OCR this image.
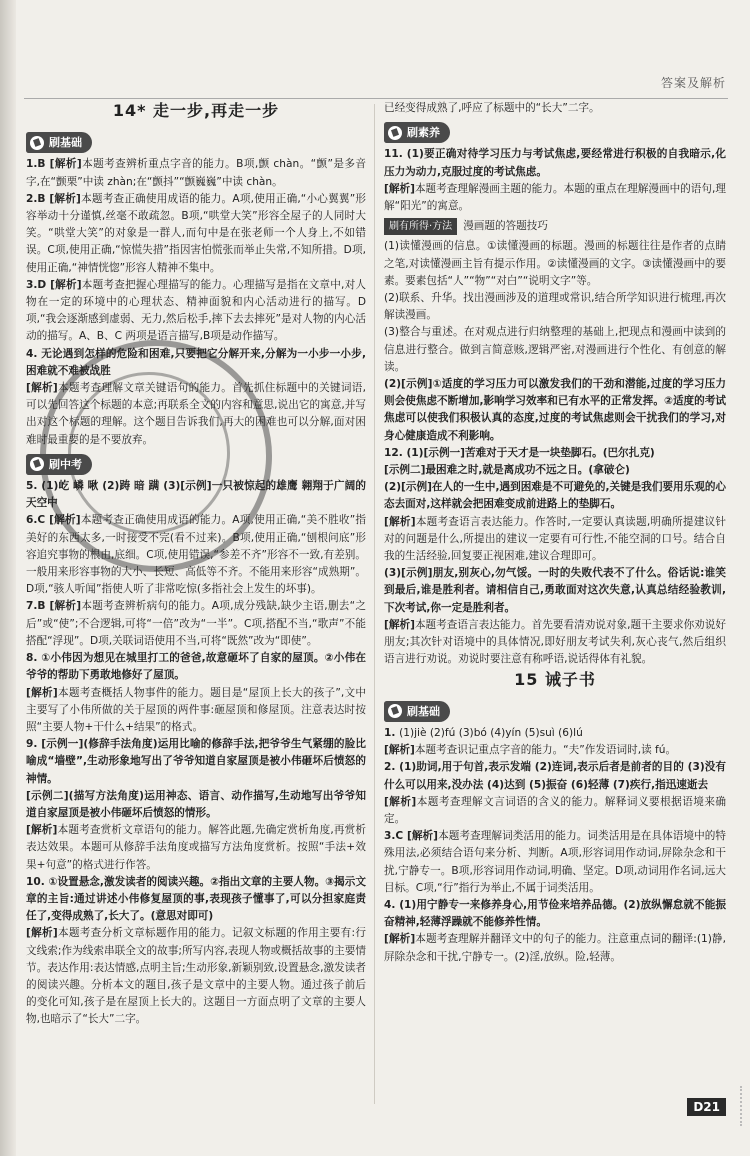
答案及解析
14* 走一步,再走一步
刷基础

1.B [解析]本题考查辨析重点字音的能力。B项,颤 chàn。“颤”是多音字,在“颤栗”中读 zhàn;在“颤抖”“颤巍巍”中读 chàn。

2.B [解析]本题考查正确使用成语的能力。A项,使用正确,“小心翼翼”形容举动十分谨慎,丝毫不敢疏忽。B项,“哄堂大笑”形容全屋子的人同时大笑。“哄堂大笑”的对象是一群人,而句中是在张老师一个人身上,不如错误。C项,使用正确,“惊慌失措”指因害怕慌张而举止失常,不知所措。D项,使用正确,“神情恍惚”形容人精神不集中。

3.D [解析]本题考查把握心理描写的能力。心理描写是指在文章中,对人物在一定的环境中的心理状态、精神面貌和内心活动进行的描写。D项,“我会逐渐感到虚弱、无力,然后松手,摔下去去摔死”是对人物的内心活动的描写。A、B、C 两项是语言描写,B项是动作描写。

4. 无论遇到怎样的危险和困难,只要把它分解开来,分解为一小步一小步,困难就不难被战胜

[解析]本题考查理解文章关键语句的能力。首先抓住标题中的关键词语,可以先回答这个标题的本意;再联系全文的内容和意思,说出它的寓意,并写出对这个标题的理解。这个题目告诉我们,再大的困难也可以分解,面对困难时最重要的是不要放弃。

刷中考

5. (1)屹 嶙 啾 (2)踌 暗 蹒 (3)[示例]一只被惊起的雄鹰 翱翔于广阔的天空中

6.C [解析]本题考查正确使用成语的能力。A项,使用正确,“美不胜收”指美好的东西太多,一时接受不完(看不过来)。B项,使用正确,“刨根问底”形容追究事物的根由,底细。C项,使用错误,“参差不齐”形容不一致,有差别。一般用来形容事物的大小、长短、高低等不齐。不能用来形容“成熟期”。D项,“骇人听闻”指使人听了非常吃惊(多指社会上发生的坏事)。

7.B [解析]本题考查辨析病句的能力。A项,成分残缺,缺少主语,删去“之后”或“使”;不合逻辑,可将“一倍”改为“一半”。C项,搭配不当,“歌声”不能搭配“浮现”。D项,关联词语使用不当,可将“既然”改为“即使”。

8. ①小伟因为想见在城里打工的爸爸,故意砸坏了自家的屋顶。②小伟在爷爷的帮助下勇敢地修好了屋顶。

[解析]本题考查概括人物事件的能力。题目是“屋顶上长大的孩子”,文中主要写了小伟所做的关于屋顶的两件事:砸屋顶和修屋顶。注意表达时按照“主要人物+干什么+结果”的格式。

9. [示例一](修辞手法角度)运用比喻的修辞手法,把爷爷生气紧绷的脸比喻成“墙壁”,生动形象地写出了爷爷知道自家屋顶是被小伟砸坏后愤怒的神情。

[示例二](描写方法角度)运用神态、语言、动作描写,生动地写出爷爷知道自家屋顶是被小伟砸坏后愤怒的情形。

[解析]本题考查赏析文章语句的能力。解答此题,先确定赏析角度,再赏析表达效果。本题可从修辞手法角度或描写方法角度赏析。按照“手法+效果+句意”的格式进行作答。

10. ①设置悬念,激发读者的阅读兴趣。②指出文章的主要人物。③揭示文章的主旨:通过讲述小伟修复屋顶的事,表现孩子懂事了,可以分担家庭责任了,变得成熟了,长大了。(意思对即可)

[解析]本题考查分析文章标题作用的能力。记叙文标题的作用主要有:行文线索;作为线索串联全文的故事;所写内容,表现人物或概括故事的主要情节。表达作用:表达情感,点明主旨;生动形象,新颖别致,设置悬念,激发读者的阅读兴趣。分析本文的题目,孩子是文章中的主要人物。通过孩子前后的变化可知,孩子是在屋顶上长大的。这题目一方面点明了文章的主要人物,也暗示了“长大”二字。

已经变得成熟了,呼应了标题中的“长大”二字。

刷素养

11. (1)要正确对待学习压力与考试焦虑,要经常进行积极的自我暗示,化压力为动力,克服过度的考试焦虑。

[解析]本题考查理解漫画主题的能力。本题的重点在理解漫画中的语句,理解“阳光”的寓意。

刷有所得·方法 漫画题的答题技巧

(1)读懂漫画的信息。①读懂漫画的标题。漫画的标题往往是作者的点睛之笔,对读懂漫画主旨有提示作用。②读懂漫画的文字。③读懂漫画中的要素。要素包括“人”“物”“对白”“说明文字”等。

(2)联系、升华。找出漫画涉及的道理或常识,结合所学知识进行梳理,再次解读漫画。

(3)整合与重述。在对观点进行归纳整理的基础上,把现点和漫画中读到的信息进行整合。做到言简意赅,逻辑严密,对漫画进行个性化、有创意的解读。

(2)[示例]①适度的学习压力可以激发我们的干劲和潜能,过度的学习压力则会使焦虑不断增加,影响学习效率和已有水平的正常发挥。②适度的考试焦虑可以使我们积极认真的态度,过度的考试焦虑则会干扰我们的学习,对身心健康造成不利影响。

12. (1)[示例一]苦难对于天才是一块垫脚石。(巴尔扎克)

[示例二]最困难之时,就是离成功不远之日。(拿破仑)

(2)[示例]在人的一生中,遇到困难是不可避免的,关键是我们要用乐观的心态去面对,这样就会把困难变成前进路上的垫脚石。

[解析]本题考查语言表达能力。作答时,一定要认真读题,明确所提建议针对的问题是什么,所提出的建议一定要有可行性,不能空洞的口号。结合自我的生活经验,回复要正视困难,建议合理即可。

(3)[示例]朋友,别灰心,勿气馁。一时的失败代表不了什么。俗话说:谁笑到最后,谁是胜利者。请相信自己,勇敢面对这次失意,认真总结经验教训,下次考试,你一定是胜利者。

[解析]本题考查语言表达能力。首先要看清劝说对象,题干主要求你劝说好朋友;其次针对语境中的具体情况,即好朋友考试失利,灰心丧气,然后组织语言进行劝说。劝说时要注意有称呼语,说话得体有礼貌。

15 诫子书
刷基础

1. (1)jiè (2)fú (3)bó (4)yín (5)suì (6)lú

[解析]本题考查识记重点字音的能力。“夫”作发语词时,读 fú。

2. (1)助词,用于句首,表示发端 (2)连词,表示后者是前者的目的 (3)没有什么可以用来,没办法 (4)达到 (5)振奋 (6)轻薄 (7)疾行,指迅速逝去

[解析]本题考查理解文言词语的含义的能力。解释词义要根据语境来确定。

3.C [解析]本题考查理解词类活用的能力。词类活用是在具体语境中的特殊用法,必须结合语句来分析、判断。A项,形容词用作动词,屏除杂念和干扰,宁静专一。B项,形容词用作动词,明确、坚定。D项,动词用作名词,远大目标。C项,“行”指行为举止,不属于词类活用。

4. (1)用宁静专一来修养身心,用节俭来培养品德。(2)放纵懈怠就不能振奋精神,轻薄浮躁就不能修养性情。

[解析]本题考查理解并翻译文中的句子的能力。注意重点词的翻译:(1)静,屏除杂念和干扰,宁静专一。(2)淫,放纵。险,轻薄。

D21
